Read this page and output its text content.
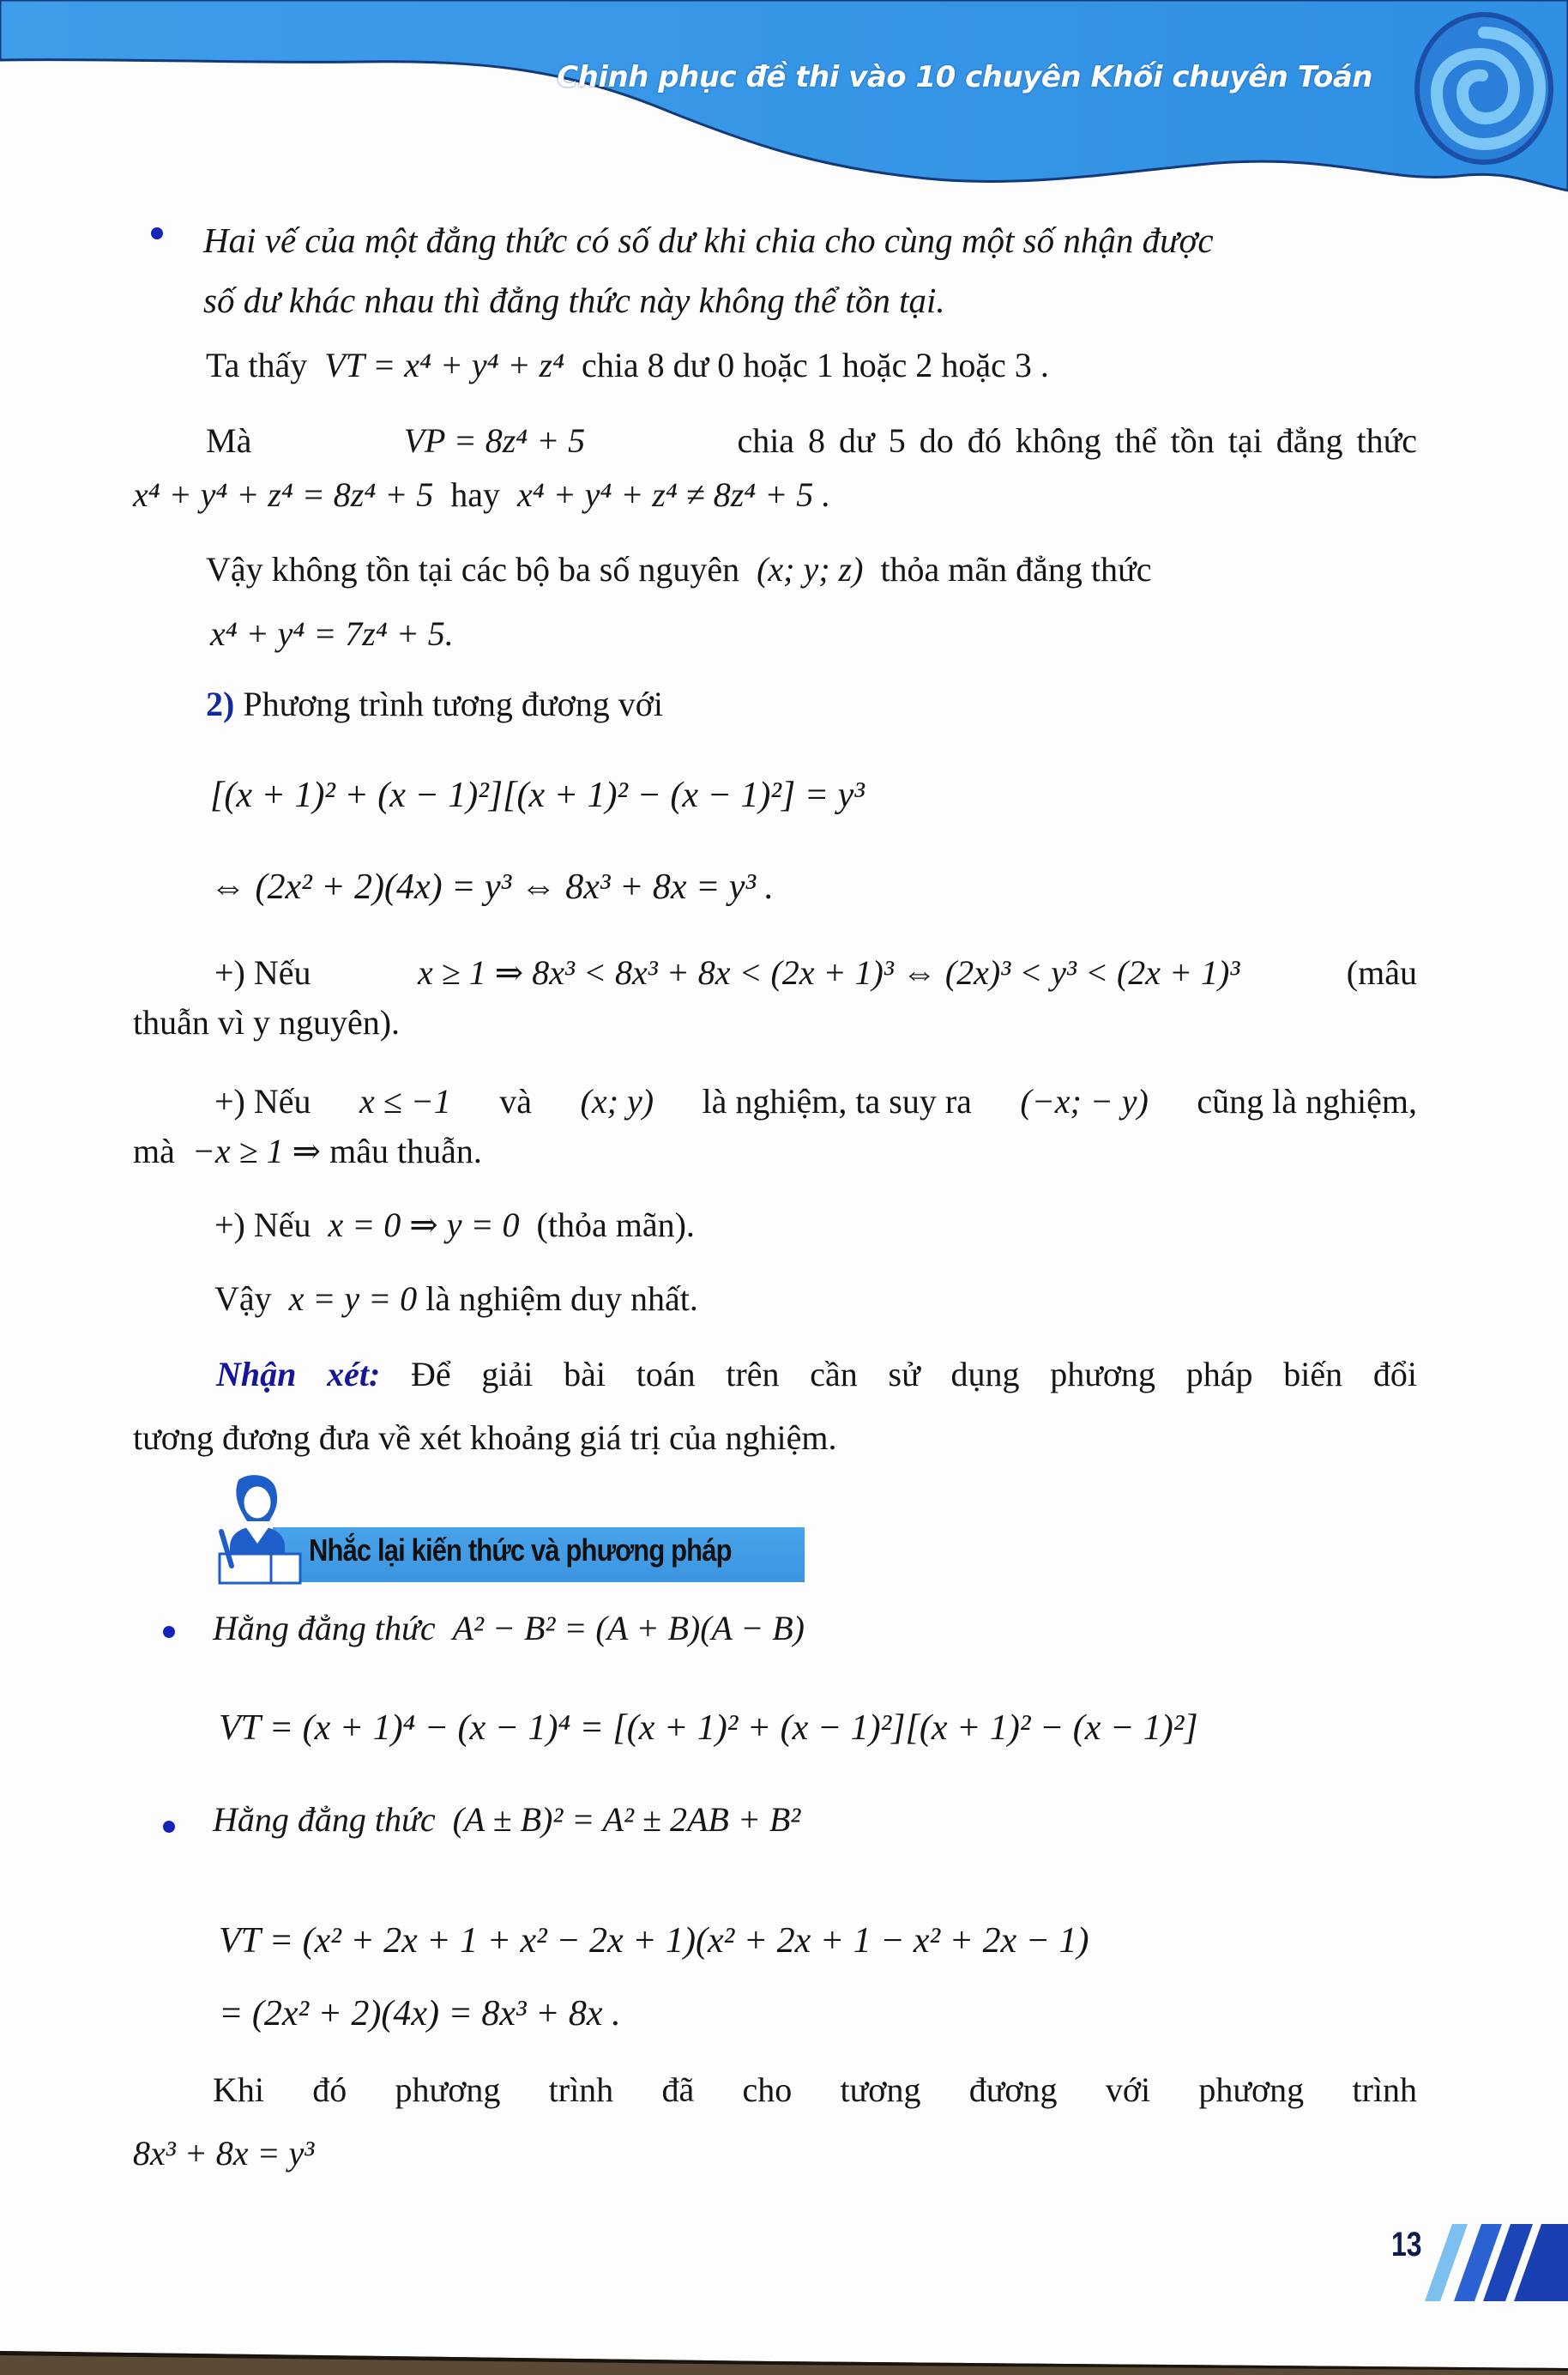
Chinh phục đề thi vào 10 chuyên Khối chuyên Toán
Hai vế của một đẳng thức có số dư khi chia cho cùng một số nhận được
số dư khác nhau thì đẳng thức này không thể tồn tại.
Ta thấy VT = x⁴ + y⁴ + z⁴ chia 8 dư 0 hoặc 1 hoặc 2 hoặc 3 .
Mà	VP = 8z⁴ + 5	chia 8 dư 5 do đó không thể tồn tại đẳng thức
x⁴ + y⁴ + z⁴ = 8z⁴ + 5 hay x⁴ + y⁴ + z⁴ ≠ 8z⁴ + 5 .
Vậy không tồn tại các bộ ba số nguyên (x; y; z) thỏa mãn đẳng thức
x⁴ + y⁴ = 7z⁴ + 5.
2) Phương trình tương đương với
[(x + 1)² + (x − 1)²][(x + 1)² − (x − 1)²] = y³
⇔ (2x² + 2)(4x) = y³ ⇔ 8x³ + 8x = y³ .
+) Nếu	x ≥ 1 ⇒ 8x³ < 8x³ + 8x < (2x + 1)³ ⇔ (2x)³ < y³ < (2x + 1)³	(mâu
thuẫn vì y nguyên).
+) Nếu x ≤ −1 và (x; y) là nghiệm, ta suy ra (−x; − y) cũng là nghiệm,
mà −x ≥ 1 ⇒ mâu thuẫn.
+) Nếu x = 0 ⇒ y = 0 (thỏa mãn).
Vậy x = y = 0 là nghiệm duy nhất.
Nhận xét: Để giải bài toán trên cần sử dụng phương pháp biến đổi
tương đương đưa về xét khoảng giá trị của nghiệm.
Nhắc lại kiến thức và phương pháp
Hằng đẳng thức A² − B² = (A + B)(A − B)
VT = (x + 1)⁴ − (x − 1)⁴ = [(x + 1)² + (x − 1)²][(x + 1)² − (x − 1)²]
Hằng đẳng thức (A ± B)² = A² ± 2AB + B²
VT = (x² + 2x + 1 + x² − 2x + 1)(x² + 2x + 1 − x² + 2x − 1)
= (2x² + 2)(4x) = 8x³ + 8x .
Khi đó phương trình đã cho tương đương với phương trình
8x³ + 8x = y³
13
